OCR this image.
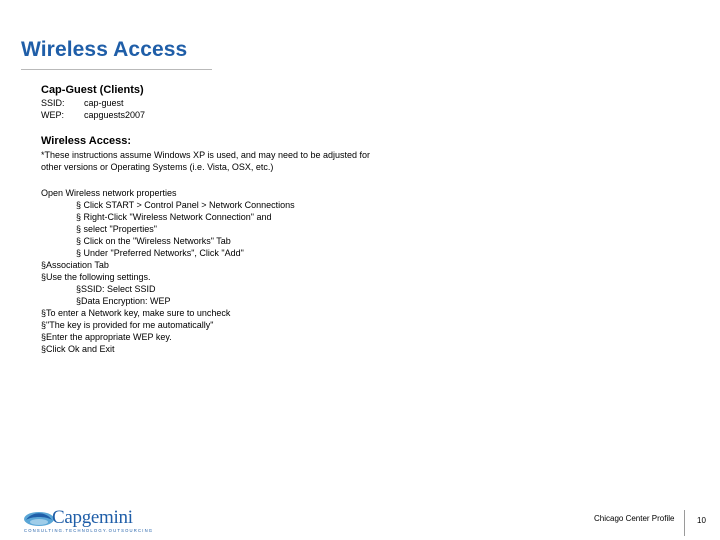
Wireless Access
Cap-Guest (Clients)
SSID:	cap-guest
WEP:	capguests2007
Wireless Access:
*These instructions assume Windows XP is used, and may need to be adjusted for other versions or Operating Systems (i.e. Vista, OSX, etc.)
Open Wireless network properties
§ Click START > Control Panel > Network Connections
§ Right-Click "Wireless Network Connection" and
§ select "Properties"
§ Click on the "Wireless Networks" Tab
§ Under "Preferred Networks", Click "Add"
§Association Tab
§Use the following settings.
§SSID: Select SSID
§Data Encryption: WEP
§To enter a Network key, make sure to uncheck
§"The key is provided for me automatically"
§Enter the appropriate WEP key.
§Click Ok and Exit
Capgemini
CONSULTING.TECHNOLOGY.OUTSOURCING
Chicago Center Profile	10
